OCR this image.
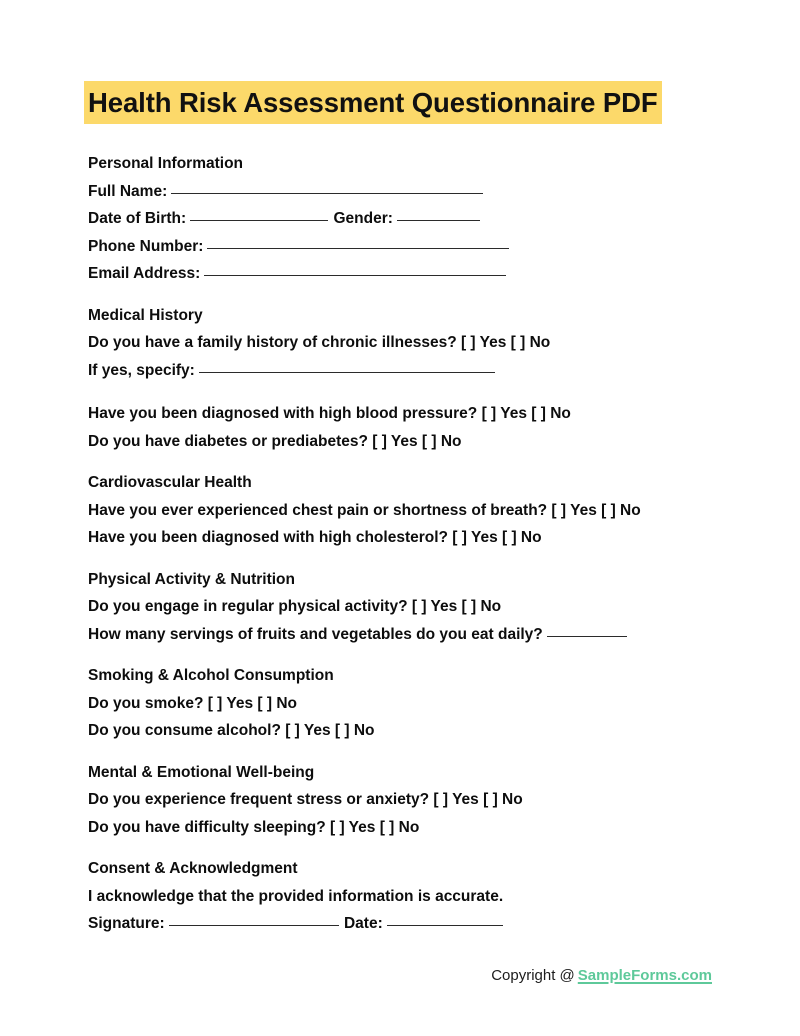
Health Risk Assessment Questionnaire PDF
Personal Information
Full Name:
Date of Birth:	Gender:
Phone Number:
Email Address:
Medical History
Do you have a family history of chronic illnesses? [ ] Yes [ ] No
If yes, specify:
Have you been diagnosed with high blood pressure? [ ] Yes [ ] No
Do you have diabetes or prediabetes? [ ] Yes [ ] No
Cardiovascular Health
Have you ever experienced chest pain or shortness of breath? [ ] Yes [ ] No
Have you been diagnosed with high cholesterol? [ ] Yes [ ] No
Physical Activity & Nutrition
Do you engage in regular physical activity? [ ] Yes [ ] No
How many servings of fruits and vegetables do you eat daily?
Smoking & Alcohol Consumption
Do you smoke? [ ] Yes [ ] No
Do you consume alcohol? [ ] Yes [ ] No
Mental & Emotional Well-being
Do you experience frequent stress or anxiety? [ ] Yes [ ] No
Do you have difficulty sleeping? [ ] Yes [ ] No
Consent & Acknowledgment
I acknowledge that the provided information is accurate.
Signature:	Date:
Copyright @ SampleForms.com
